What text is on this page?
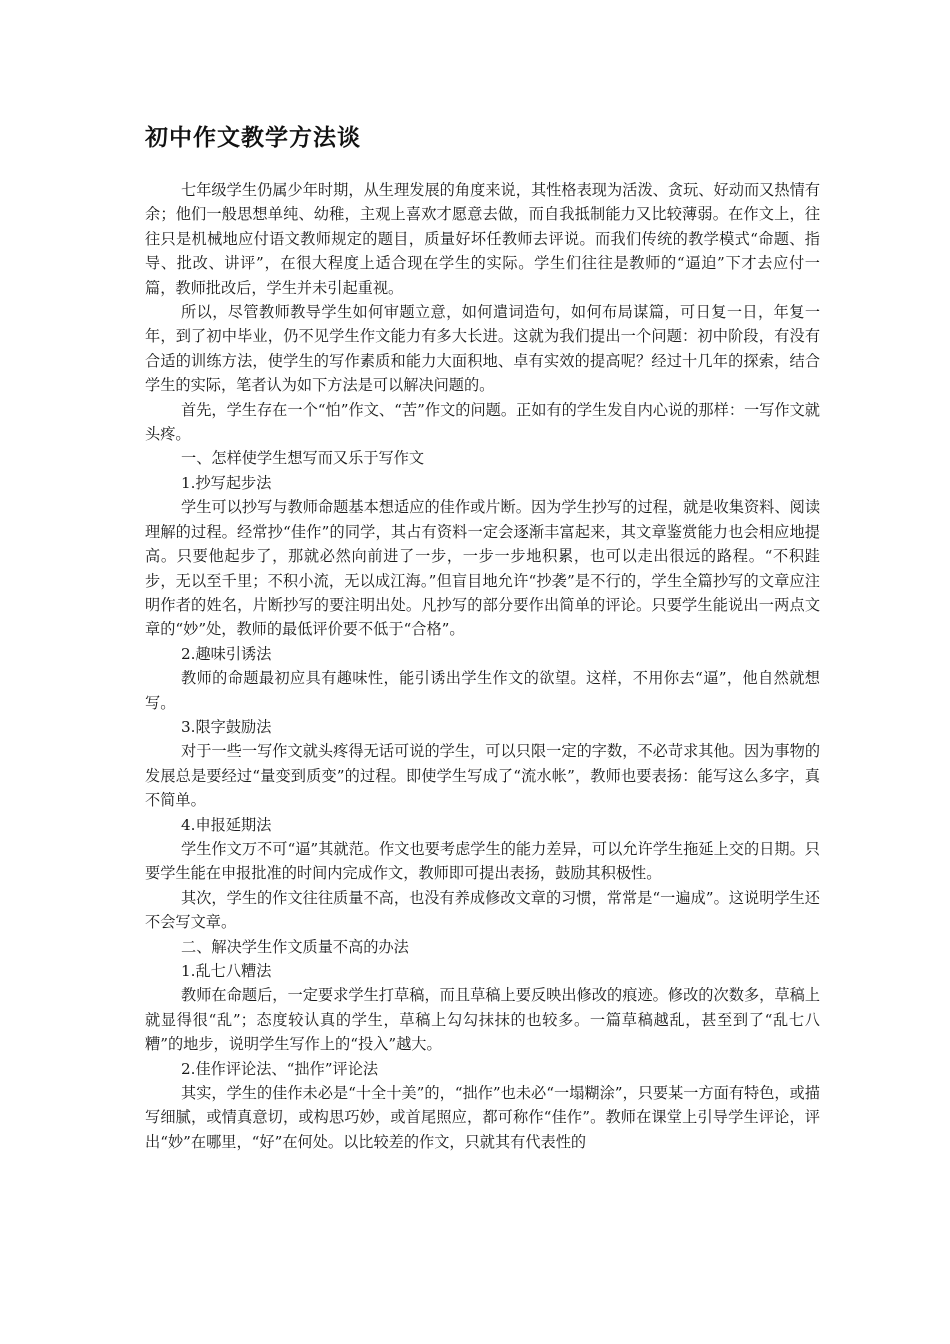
初中作文教学方法谈

七年级学生仍属少年时期，从生理发展的角度来说，其性格表现为活泼、贪玩、好动而又热情有余；他们一般思想单纯、幼稚，主观上喜欢才愿意去做，而自我抵制能力又比较薄弱。在作文上，往往只是机械地应付语文教师规定的题目，质量好坏任教师去评说。而我们传统的教学模式“命题、指导、批改、讲评”，在很大程度上适合现在学生的实际。学生们往往是教师的“逼迫”下才去应付一篇，教师批改后，学生并未引起重视。

所以，尽管教师教导学生如何审题立意，如何遣词造句，如何布局谋篇，可日复一日，年复一年，到了初中毕业，仍不见学生作文能力有多大长进。这就为我们提出一个问题：初中阶段，有没有合适的训练方法，使学生的写作素质和能力大面积地、卓有实效的提高呢？经过十几年的探索，结合学生的实际，笔者认为如下方法是可以解决问题的。

首先，学生存在一个“怕”作文、“苦”作文的问题。正如有的学生发自内心说的那样：一写作文就头疼。

一、怎样使学生想写而又乐于写作文

1.抄写起步法

学生可以抄写与教师命题基本想适应的佳作或片断。因为学生抄写的过程，就是收集资料、阅读理解的过程。经常抄“佳作”的同学，其占有资料一定会逐渐丰富起来，其文章鉴赏能力也会相应地提高。只要他起步了，那就必然向前进了一步，一步一步地积累，也可以走出很远的路程。“不积跬步，无以至千里；不积小流，无以成江海。”但盲目地允许“抄袭”是不行的，学生全篇抄写的文章应注明作者的姓名，片断抄写的要注明出处。凡抄写的部分要作出简单的评论。只要学生能说出一两点文章的“妙”处，教师的最低评价要不低于“合格”。

2.趣味引诱法

教师的命题最初应具有趣味性，能引诱出学生作文的欲望。这样，不用你去“逼”，他自然就想写。

3.限字鼓励法

对于一些一写作文就头疼得无话可说的学生，可以只限一定的字数，不必苛求其他。因为事物的发展总是要经过“量变到质变”的过程。即使学生写成了“流水帐”，教师也要表扬：能写这么多字，真不简单。

4.申报延期法

学生作文万不可“逼”其就范。作文也要考虑学生的能力差异，可以允许学生拖延上交的日期。只要学生能在申报批准的时间内完成作文，教师即可提出表扬，鼓励其积极性。

其次，学生的作文往往质量不高，也没有养成修改文章的习惯，常常是“一遍成”。这说明学生还不会写文章。

二、解决学生作文质量不高的办法

1.乱七八糟法

教师在命题后，一定要求学生打草稿，而且草稿上要反映出修改的痕迹。修改的次数多，草稿上就显得很“乱”；态度较认真的学生，草稿上勾勾抹抹的也较多。一篇草稿越乱，甚至到了“乱七八糟”的地步，说明学生写作上的“投入”越大。

2.佳作评论法、“拙作”评论法

其实，学生的佳作未必是“十全十美”的，“拙作”也未必“一塌糊涂”，只要某一方面有特色，或描写细腻，或情真意切，或构思巧妙，或首尾照应，都可称作“佳作”。教师在课堂上引导学生评论，评出“妙”在哪里，“好”在何处。以比较差的作文，只就其有代表性的
